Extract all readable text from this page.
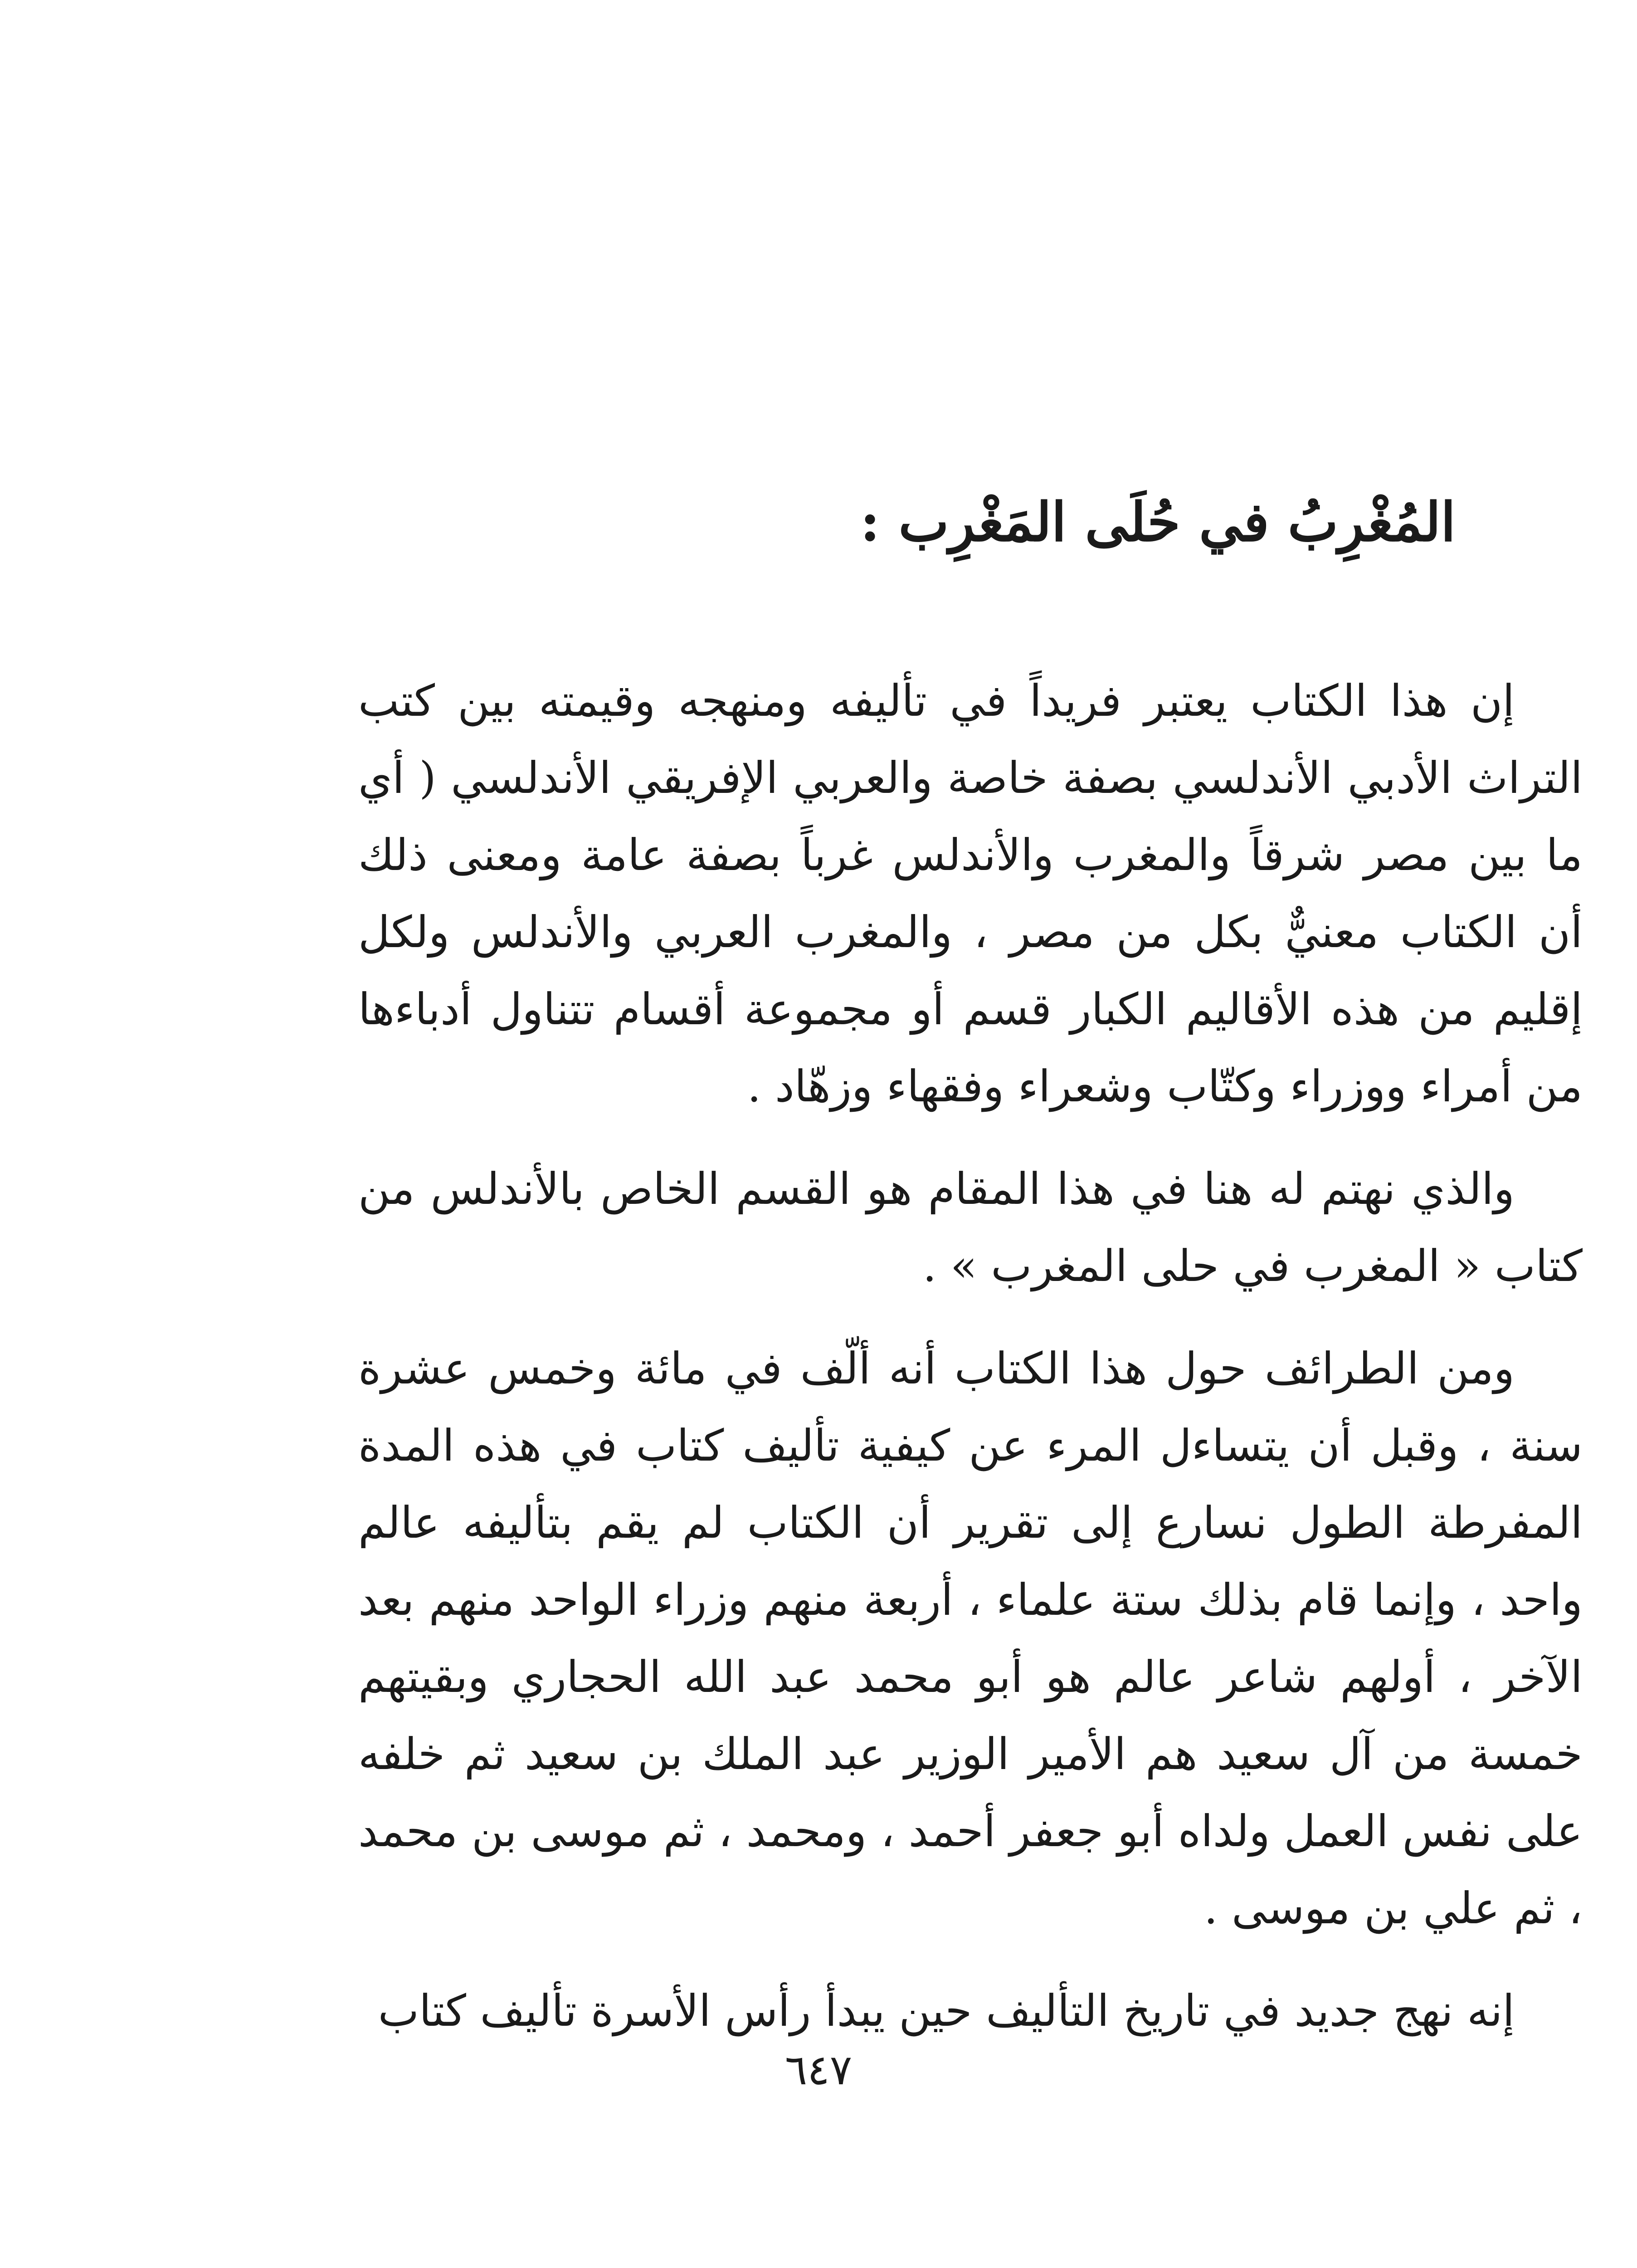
المُغْرِبُ في حُلَى المَغْرِب :

إن هذا الكتاب يعتبر فريداً في تأليفه ومنهجه وقيمته بين كتب التراث الأدبي الأندلسي بصفة خاصة والعربي الإفريقي الأندلسي ( أي ما بين مصر شرقاً والمغرب والأندلس غرباً بصفة عامة ومعنى ذلك أن الكتاب معنيٌّ بكل من مصر ، والمغرب العربي والأندلس ولكل إقليم من هذه الأقاليم الكبار قسم أو مجموعة أقسام تتناول أدباءها من أمراء ووزراء وكتّاب وشعراء وفقهاء وزهّاد .

والذي نهتم له هنا في هذا المقام هو القسم الخاص بالأندلس من كتاب « المغرب في حلى المغرب » .

ومن الطرائف حول هذا الكتاب أنه ألّف في مائة وخمس عشرة سنة ، وقبل أن يتساءل المرء عن كيفية تأليف كتاب في هذه المدة المفرطة الطول نسارع إلى تقرير أن الكتاب لم يقم بتأليفه عالم واحد ، وإنما قام بذلك ستة علماء ، أربعة منهم وزراء الواحد منهم بعد الآخر ، أولهم شاعر عالم هو أبو محمد عبد الله الحجاري وبقيتهم خمسة من آل سعيد هم الأمير الوزير عبد الملك بن سعيد ثم خلفه على نفس العمل ولداه أبو جعفر أحمد ، ومحمد ، ثم موسى بن محمد ، ثم علي بن موسى .

إنه نهج جديد في تاريخ التأليف حين يبدأ رأس الأسرة تأليف كتاب

٦٤٧
